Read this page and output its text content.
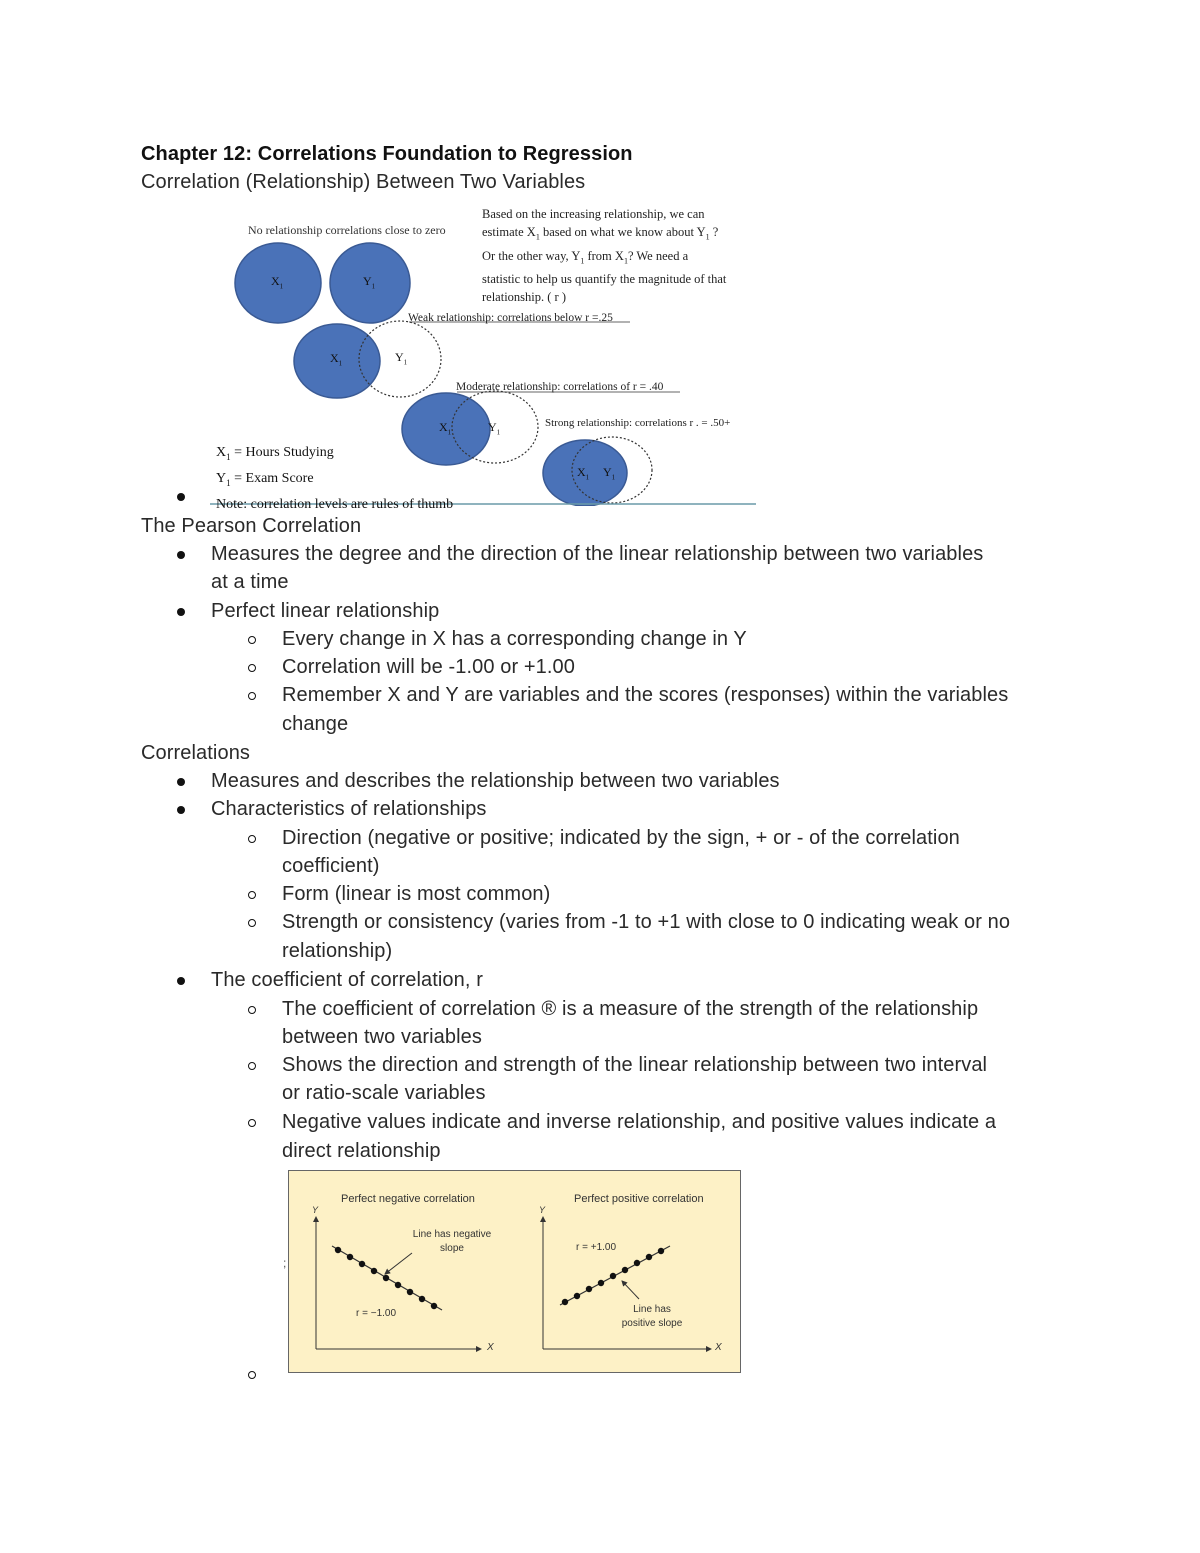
Chapter 12: Correlations Foundation to Regression
Correlation (Relationship) Between Two Variables
No relationship correlations close to zero
Based on the increasing relationship, we can
estimate $X_1$ based on what we know about $Y_1$ ?
Or the other way, $Y_1$ from $X_1$? We need a
statistic to help us quantify the magnitude of that
relationship. ( r )
$X_1$	$Y_1$
$X_1$	$Y_1$
$X_1$	$Y_1$
$X_1$ $Y_1$
Weak relationship: correlations below r =.25
Moderate relationship: correlations of r = .40
Strong relationship: correlations r . = .50+
$X_1$ = Hours Studying
$Y_1$ = Exam Score
Note: correlation levels are rules of thumb
The Pearson Correlation
Measures the degree and the direction of the linear relationship between two variables
at a time
Perfect linear relationship
Every change in X has a corresponding change in Y
Correlation will be -1.00 or +1.00
Remember X and Y are variables and the scores (responses) within the variables
change
Correlations
Measures and describes the relationship between two variables
Characteristics of relationships
Direction (negative or positive; indicated by the sign, + or - of the correlation
coefficient)
Form (linear is most common)
Strength or consistency (varies from -1 to +1 with close to 0 indicating weak or no
relationship)
The coefficient of correlation, r
The coefficient of correlation ® is a measure of the strength of the relationship
between two variables
Shows the direction and strength of the linear relationship between two interval
or ratio-scale variables
Negative values indicate and inverse relationship, and positive values indicate a
direct relationship
;
Perfect negative correlation	Perfect positive correlation
Y	Y
X	X
Line has negative
slope
r = −1.00
r = +1.00
Line has
positive slope
